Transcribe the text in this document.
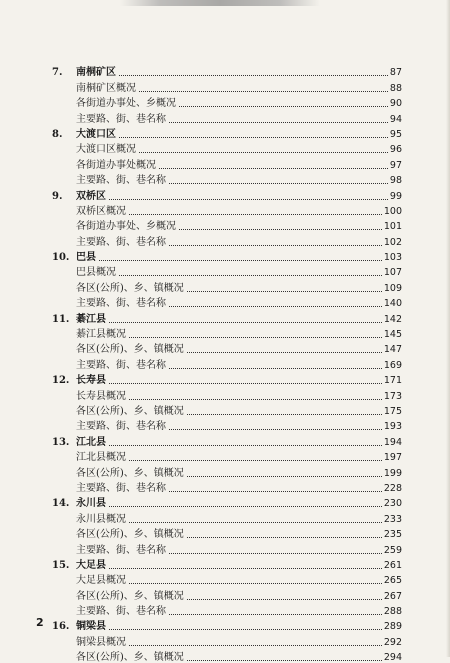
7.	南桐矿区	87
南桐矿区概况	88
各街道办事处、乡概况	90
主要路、街、巷名称	94
8.	大渡口区	95
大渡口区概况	96
各街道办事处概况	97
主要路、街、巷名称	98
9.	双桥区	99
双桥区概况	100
各街道办事处、乡概况	101
主要路、街、巷名称	102
10. 巴县	103
巴县概况	107
各区(公所)、乡、镇概况	109
主要路、街、巷名称	140
11. 綦江县	142
綦江县概况	145
各区(公所)、乡、镇概况	147
主要路、街、巷名称	169
12. 长寿县	171
长寿县概况	173
各区(公所)、乡、镇概况	175
主要路、街、巷名称	193
13. 江北县	194
江北县概况	197
各区(公所)、乡、镇概况	199
主要路、街、巷名称	228
14. 永川县	230
永川县概况	233
各区(公所)、乡、镇概况	235
主要路、街、巷名称	259
15. 大足县	261
大足县概况	265
各区(公所)、乡、镇概况	267
主要路、街、巷名称	288
16. 铜梁县	289
铜梁县概况	292
各区(公所)、乡、镇概况	294
2
